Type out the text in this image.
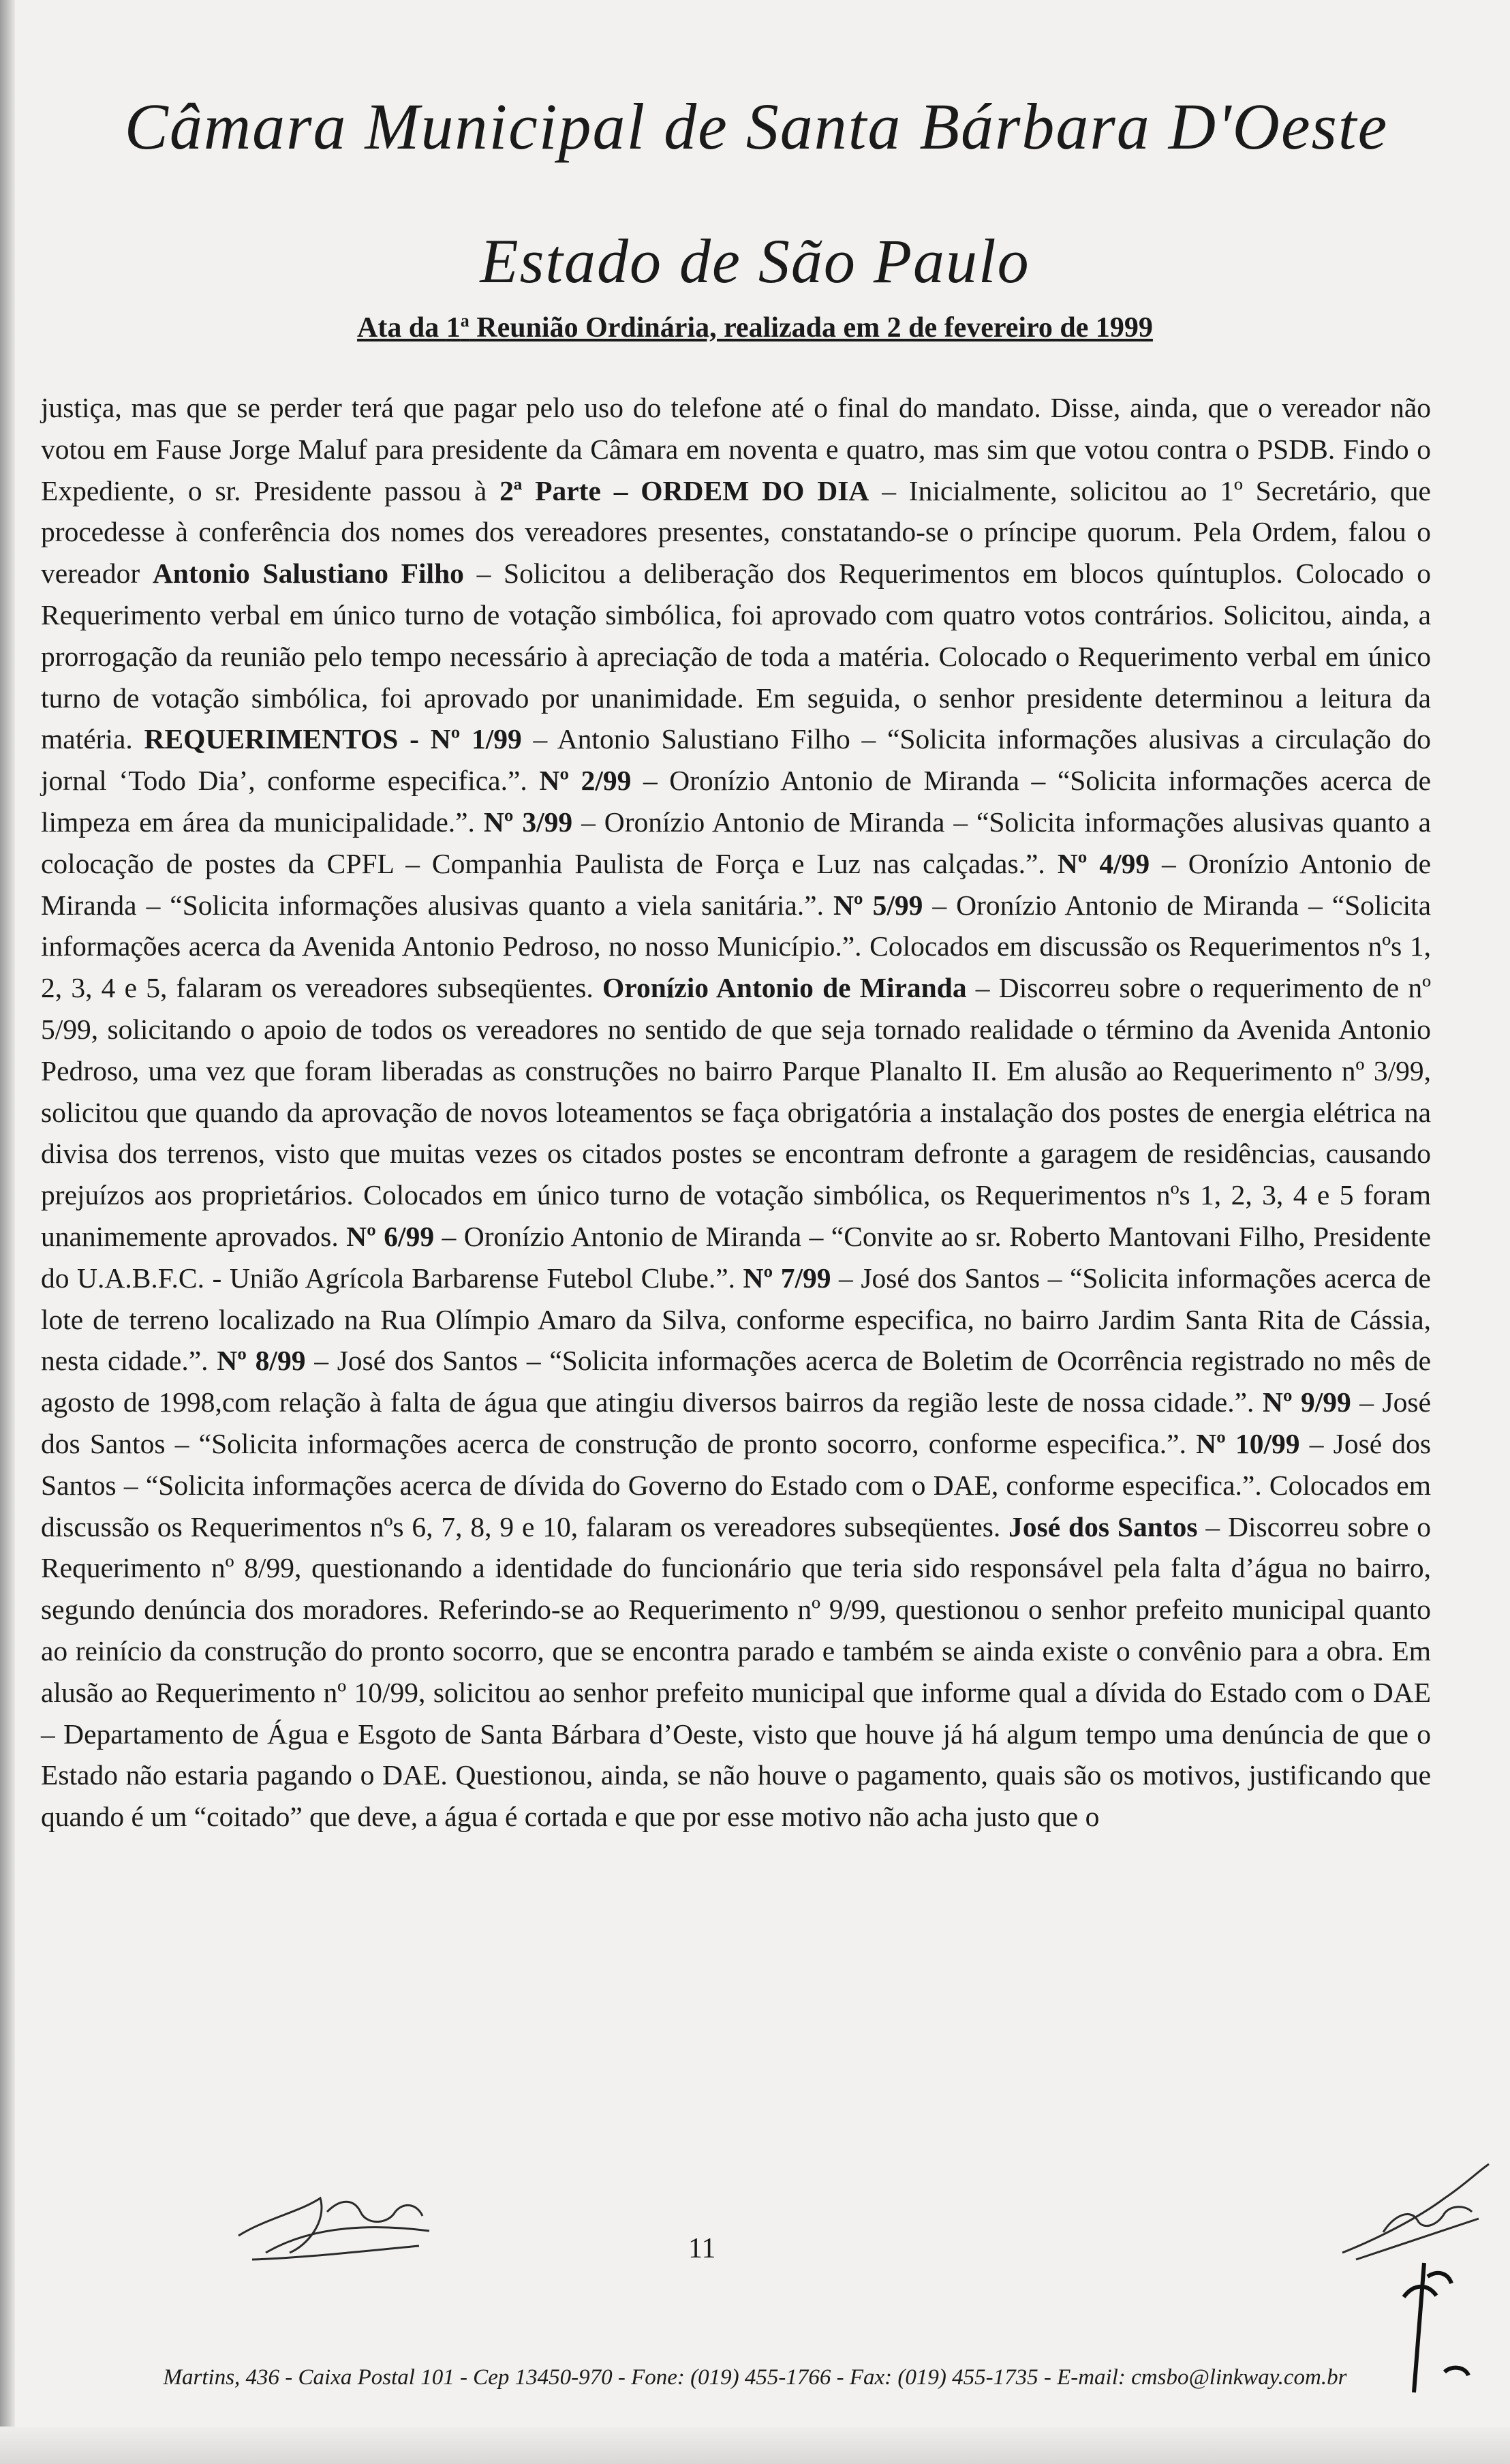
Câmara Municipal de Santa Bárbara D'Oeste
Estado de São Paulo
Ata da 1$^a$ Reunião Ordinária, realizada em 2 de fevereiro de 1999
justiça, mas que se perder terá que pagar pelo uso do telefone até o final do mandato. Disse, ainda, que o vereador não votou em Fause Jorge Maluf para presidente da Câmara em noventa e quatro, mas sim que votou contra o PSDB. Findo o Expediente, o sr. Presidente passou à 2ª Parte – ORDEM DO DIA – Inicialmente, solicitou ao 1º Secretário, que procedesse à conferência dos nomes dos vereadores presentes, constatando-se o príncipe quorum. Pela Ordem, falou o vereador Antonio Salustiano Filho – Solicitou a deliberação dos Requerimentos em blocos quíntuplos. Colocado o Requerimento verbal em único turno de votação simbólica, foi aprovado com quatro votos contrários. Solicitou, ainda, a prorrogação da reunião pelo tempo necessário à apreciação de toda a matéria. Colocado o Requerimento verbal em único turno de votação simbólica, foi aprovado por unanimidade. Em seguida, o senhor presidente determinou a leitura da matéria. REQUERIMENTOS - Nº 1/99 – Antonio Salustiano Filho – “Solicita informações alusivas a circulação do jornal ‘Todo Dia’, conforme especifica.”. Nº 2/99 – Oronízio Antonio de Miranda – “Solicita informações acerca de limpeza em área da municipalidade.”. Nº 3/99 – Oronízio Antonio de Miranda – “Solicita informações alusivas quanto a colocação de postes da CPFL – Companhia Paulista de Força e Luz nas calçadas.”. Nº 4/99 – Oronízio Antonio de Miranda – “Solicita informações alusivas quanto a viela sanitária.”. Nº 5/99 – Oronízio Antonio de Miranda – “Solicita informações acerca da Avenida Antonio Pedroso, no nosso Município.”. Colocados em discussão os Requerimentos nºs 1, 2, 3, 4 e 5, falaram os vereadores subseqüentes. Oronízio Antonio de Miranda – Discorreu sobre o requerimento de nº 5/99, solicitando o apoio de todos os vereadores no sentido de que seja tornado realidade o término da Avenida Antonio Pedroso, uma vez que foram liberadas as construções no bairro Parque Planalto II. Em alusão ao Requerimento nº 3/99, solicitou que quando da aprovação de novos loteamentos se faça obrigatória a instalação dos postes de energia elétrica na divisa dos terrenos, visto que muitas vezes os citados postes se encontram defronte a garagem de residências, causando prejuízos aos proprietários. Colocados em único turno de votação simbólica, os Requerimentos nºs 1, 2, 3, 4 e 5 foram unanimemente aprovados. Nº 6/99 – Oronízio Antonio de Miranda – “Convite ao sr. Roberto Mantovani Filho, Presidente do U.A.B.F.C. - União Agrícola Barbarense Futebol Clube.”. Nº 7/99 – José dos Santos – “Solicita informações acerca de lote de terreno localizado na Rua Olímpio Amaro da Silva, conforme especifica, no bairro Jardim Santa Rita de Cássia, nesta cidade.”. Nº 8/99 – José dos Santos – “Solicita informações acerca de Boletim de Ocorrência registrado no mês de agosto de 1998,com relação à falta de água que atingiu diversos bairros da região leste de nossa cidade.”. Nº 9/99 – José dos Santos – “Solicita informações acerca de construção de pronto socorro, conforme especifica.”. Nº 10/99 – José dos Santos – “Solicita informações acerca de dívida do Governo do Estado com o DAE, conforme especifica.”. Colocados em discussão os Requerimentos nºs 6, 7, 8, 9 e 10, falaram os vereadores subseqüentes. José dos Santos – Discorreu sobre o Requerimento nº 8/99, questionando a identidade do funcionário que teria sido responsável pela falta d’água no bairro, segundo denúncia dos moradores. Referindo-se ao Requerimento nº 9/99, questionou o senhor prefeito municipal quanto ao reinício da construção do pronto socorro, que se encontra parado e também se ainda existe o convênio para a obra. Em alusão ao Requerimento nº 10/99, solicitou ao senhor prefeito municipal que informe qual a dívida do Estado com o DAE – Departamento de Água e Esgoto de Santa Bárbara d’Oeste, visto que houve já há algum tempo uma denúncia de que o Estado não estaria pagando o DAE. Questionou, ainda, se não houve o pagamento, quais são os motivos, justificando que quando é um “coitado” que deve, a água é cortada e que por esse motivo não acha justo que o
11
Martins, 436 - Caixa Postal 101 - Cep 13450-970 - Fone: (019) 455-1766 - Fax: (019) 455-1735 - E-mail: cmsbo@linkway.com.br
